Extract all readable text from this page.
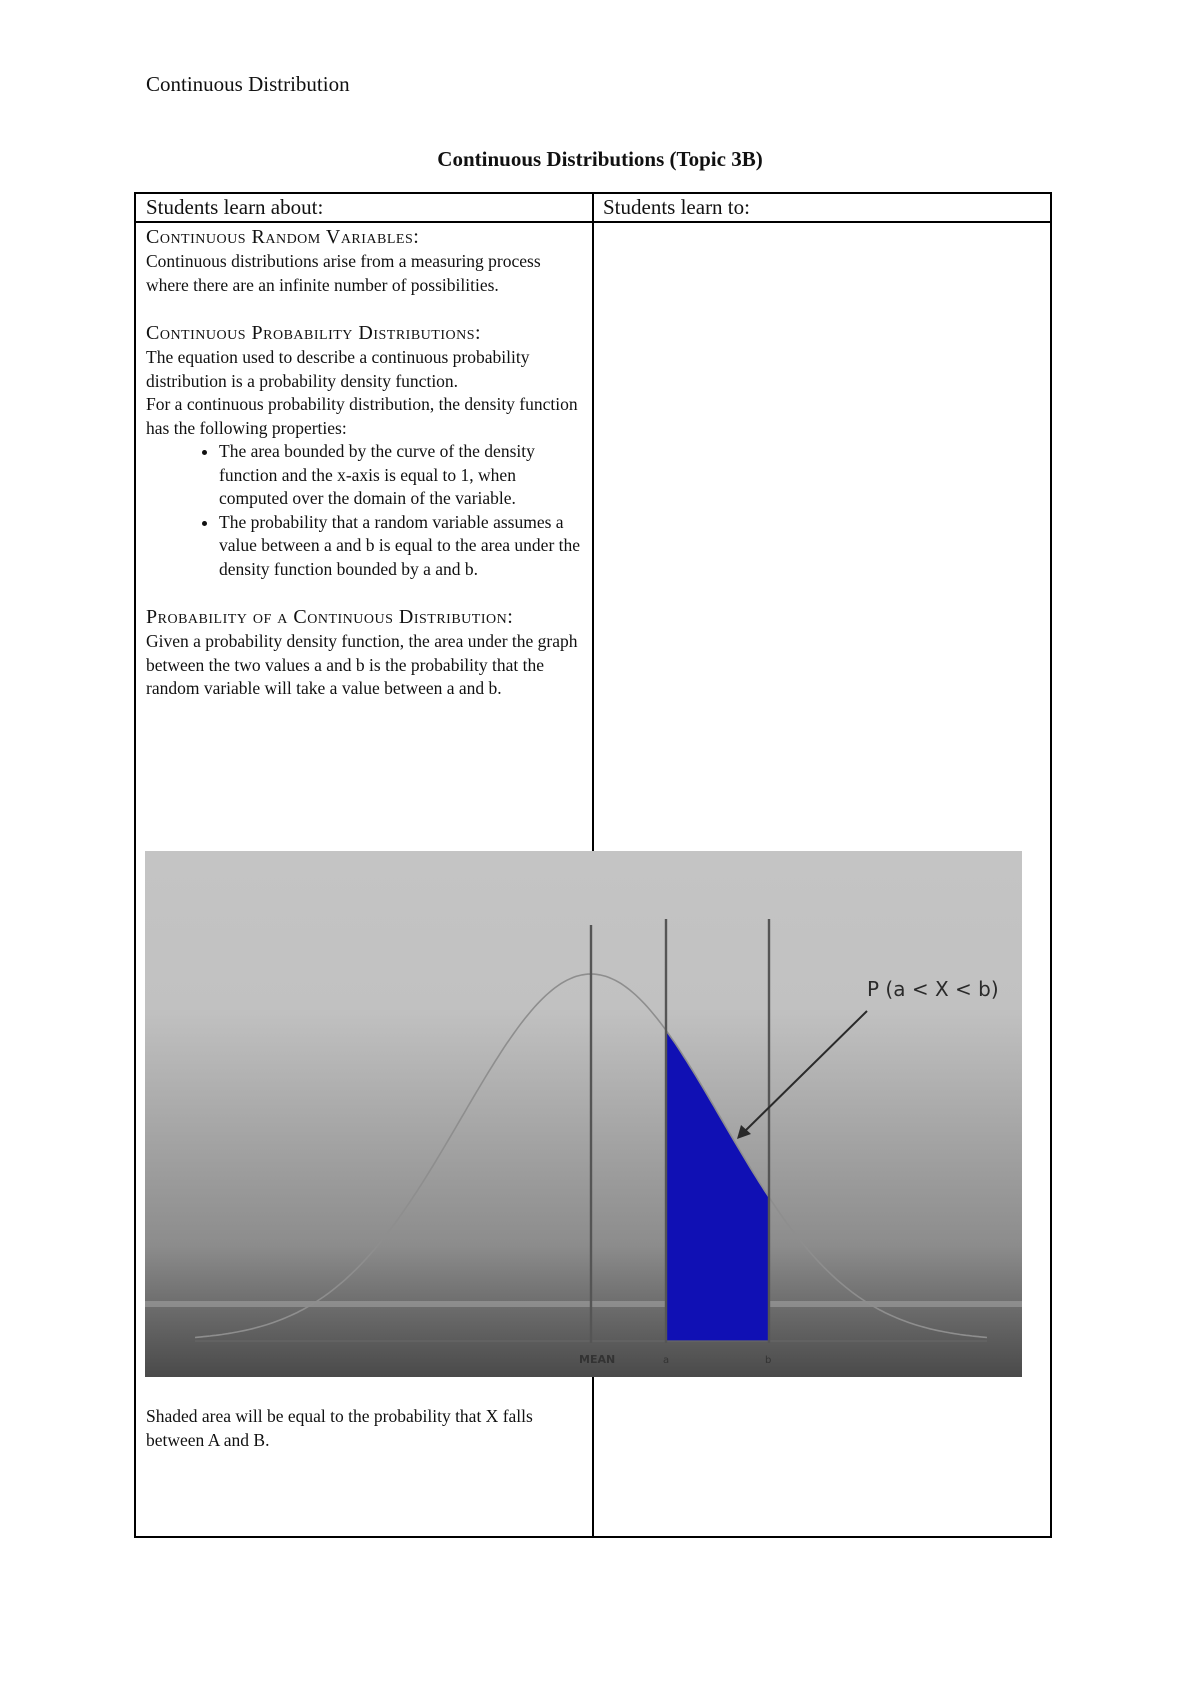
Continuous Distribution
Continuous Distributions (Topic 3B)
Students learn about:	Students learn to:
Continuous Random Variables:

Continuous distributions arise from a measuring process where there are an infinite number of possibilities.

Continuous Probability Distributions:

The equation used to describe a continuous probability distribution is a probability density function.

For a continuous probability distribution, the density function has the following properties:

• The area bounded by the curve of the density function and the x-axis is equal to 1, when computed over the domain of the variable.
• The probability that a random variable assumes a value between a and b is equal to the area under the density function bounded by a and b.
Probability of a Continuous Distribution:

Given a probability density function, the area under the graph between the two values a and b is the probability that the random variable will take a value between a and b.

MEAN	a	b
P (a < X < b)
Shaded area will be equal to the probability that X falls between A and B.
